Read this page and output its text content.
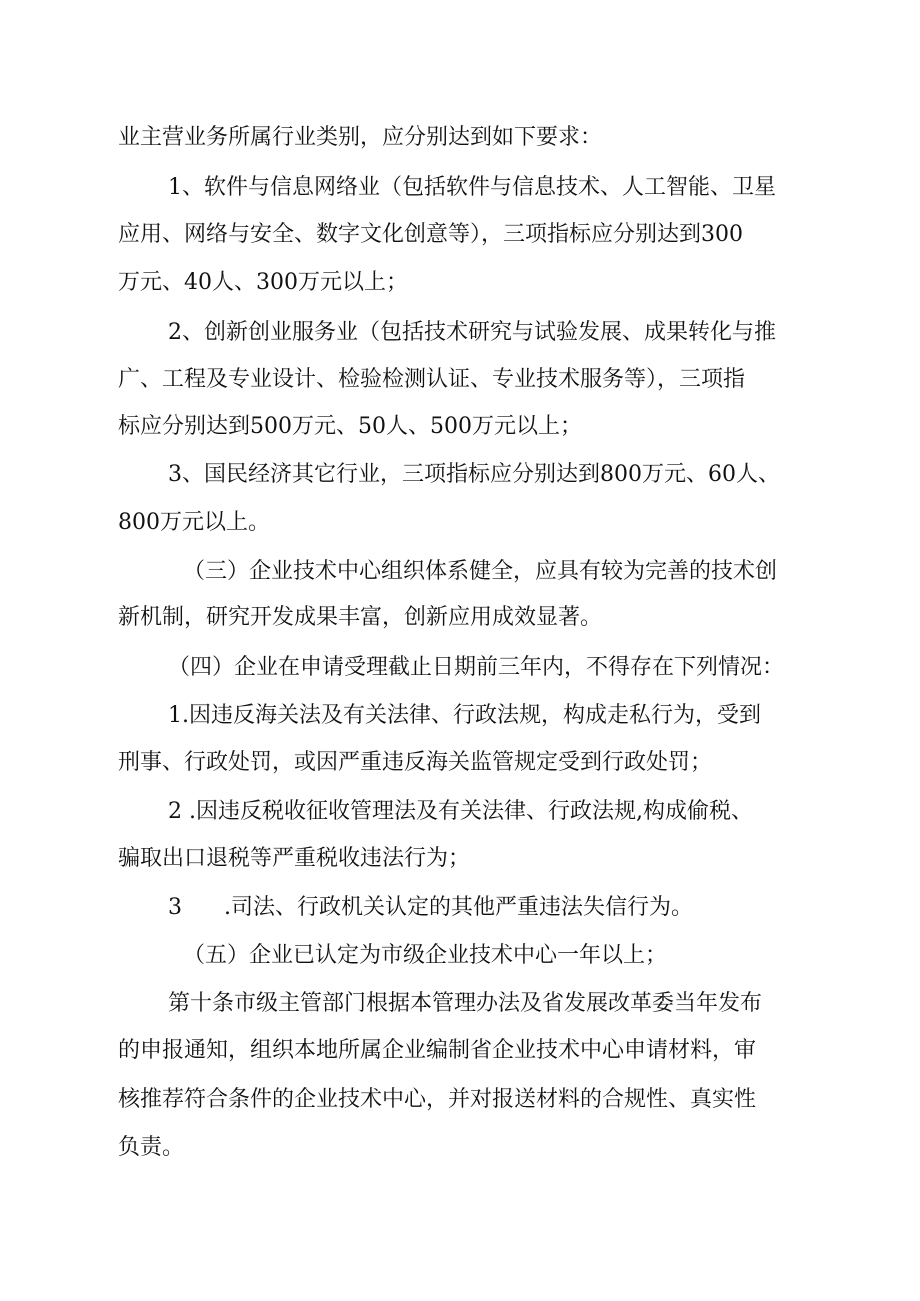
业主营业务所属行业类别，应分别达到如下要求：

1、软件与信息网络业（包括软件与信息技术、人工智能、卫星

应用、网络与安全、数字文化创意等），三项指标应分别达到300

万元、40人、300万元以上；

2、创新创业服务业（包括技术研究与试验发展、成果转化与推

广、工程及专业设计、检验检测认证、专业技术服务等），三项指

标应分别达到500万元、50人、500万元以上；

3、国民经济其它行业，三项指标应分别达到800万元、60人、

800万元以上。

（三）企业技术中心组织体系健全，应具有较为完善的技术创

新机制，研究开发成果丰富，创新应用成效显著。

（四）企业在申请受理截止日期前三年内，不得存在下列情况：

1.因违反海关法及有关法律、行政法规，构成走私行为，受到

刑事、行政处罚，或因严重违反海关监管规定受到行政处罚；

2 .因违反税收征收管理法及有关法律、行政法规,构成偷税、

骗取出口退税等严重税收违法行为；

3      .司法、行政机关认定的其他严重违法失信行为。

（五）企业已认定为市级企业技术中心一年以上；

第十条市级主管部门根据本管理办法及省发展改革委当年发布

的申报通知，组织本地所属企业编制省企业技术中心申请材料，审

核推荐符合条件的企业技术中心，并对报送材料的合规性、真实性

负责。
